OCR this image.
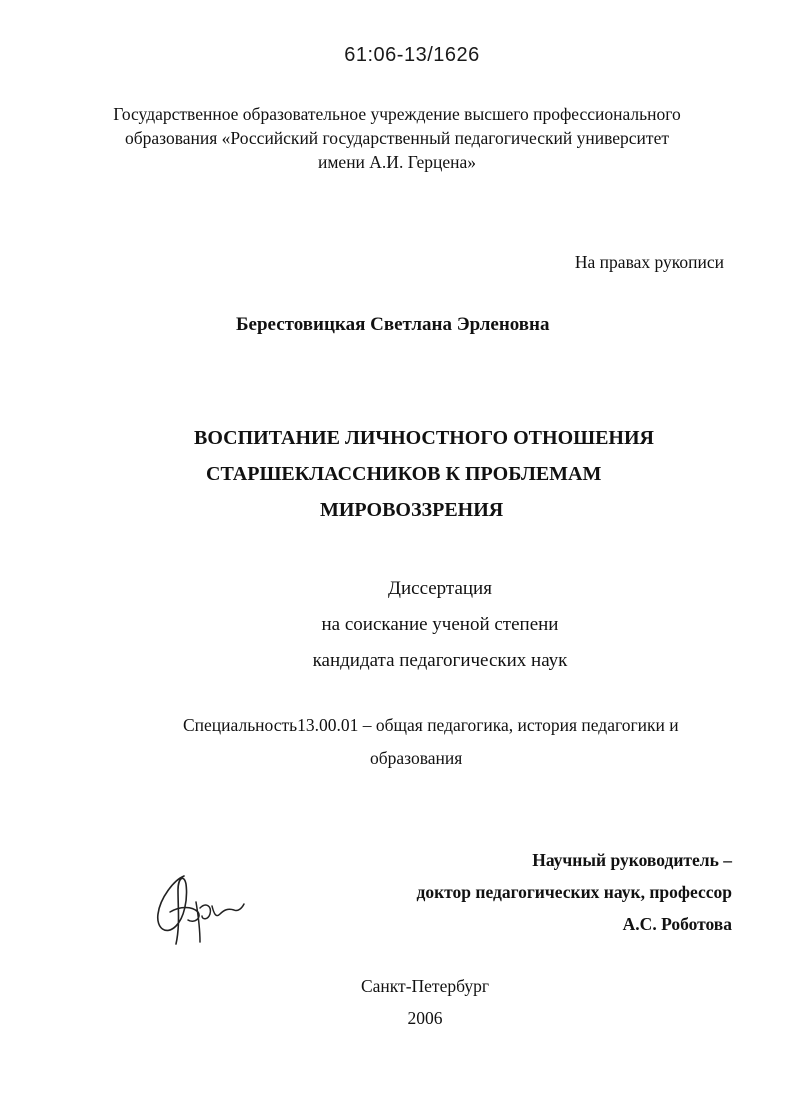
61:06-13/1626
Государственное образовательное учреждение высшего профессионального
образования «Российский государственный педагогический университет
имени А.И. Герцена»
На правах рукописи
Берестовицкая Светлана Эрленовна
ВОСПИТАНИЕ ЛИЧНОСТНОГО ОТНОШЕНИЯ
СТАРШЕКЛАССНИКОВ К ПРОБЛЕМАМ
МИРОВОЗЗРЕНИЯ
Диссертация
на соискание ученой степени
кандидата педагогических наук
Специальность13.00.01 – общая педагогика, история педагогики и
образования
Научный руководитель –
доктор педагогических наук, профессор
А.С. Роботова
Санкт-Петербург
2006
